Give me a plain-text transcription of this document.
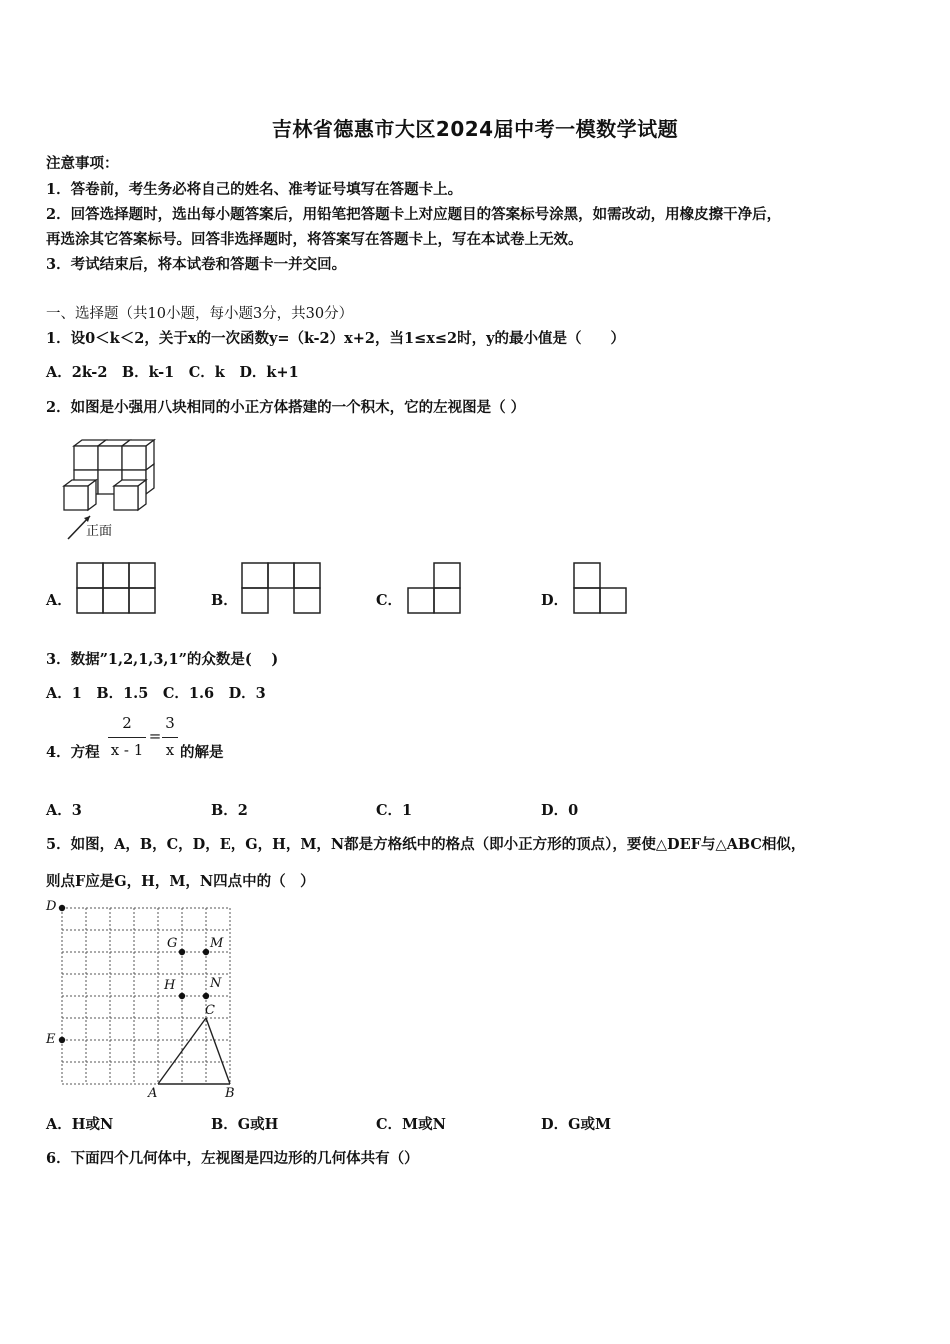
吉林省德惠市大区2024届中考一模数学试题
注意事项：
1．答卷前，考生务必将自己的姓名、准考证号填写在答题卡上。
2．回答选择题时，选出每小题答案后，用铅笔把答题卡上对应题目的答案标号涂黑，如需改动，用橡皮擦干净后，
再选涂其它答案标号。回答非选择题时，将答案写在答题卡上，写在本试卷上无效。
3．考试结束后，将本试卷和答题卡一并交回。
一、选择题（共10小题，每小题3分，共30分）
1．设0＜k＜2，关于x的一次函数y=（k-2）x+2，当1≤x≤2时，y的最小值是（　　）
A．2k-2　B．k-1　C．k　D．k+1
2．如图是小强用八块相同的小正方体搭建的一个积木，它的左视图是（ ）
正面
A．	B．	C．	D．
3．数据”1,2,1,3,1”的众数是(　 )
A．1　B．1.5　C．1.6　D．3
4．方程
2
x - 1
=
3
x 的解是
A．3	B．2	C．1	D．0
5．如图，A，B，C，D，E，G，H，M，N都是方格纸中的格点（即小正方形的顶点），要使△DEF与△ABC相似，
则点F应是G，H，M，N四点中的（　）
D
G	M
H	N
C
E
A	B
A．H或N	B．G或H	C．M或N	D．G或M
6．下面四个几何体中，左视图是四边形的几何体共有（）
